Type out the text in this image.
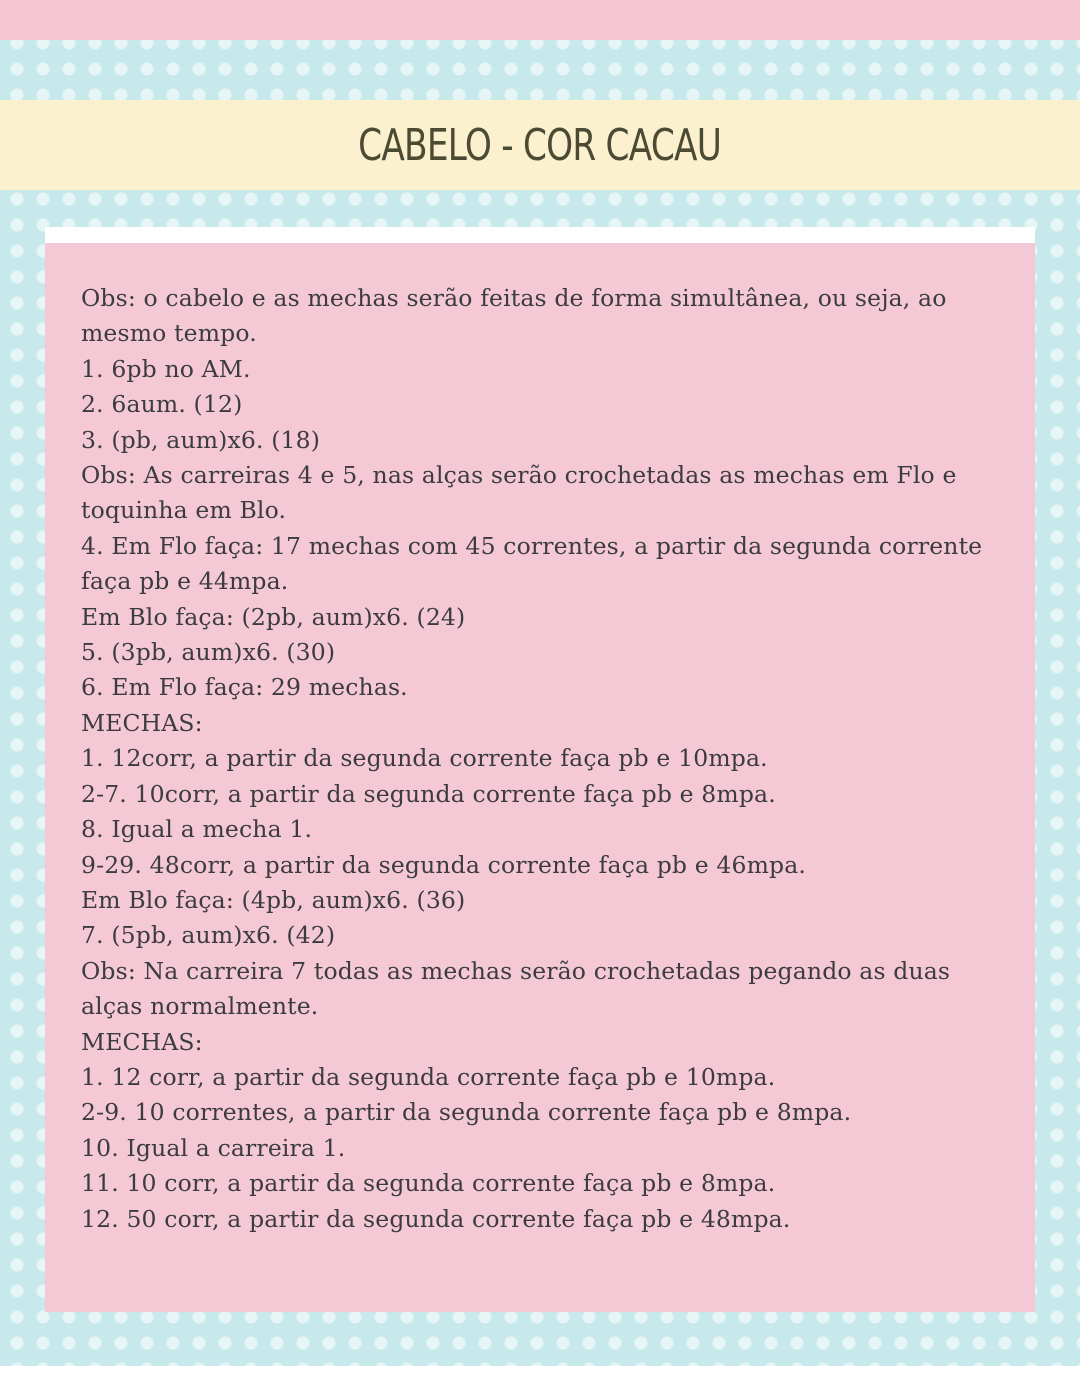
CABELO - COR CACAU
Obs: o cabelo e as mechas serão feitas de forma simultânea, ou seja, ao
mesmo tempo.
1. 6pb no AM.
2. 6aum. (12)
3. (pb, aum)x6. (18)
Obs: As carreiras 4 e 5, nas alças serão crochetadas as mechas em Flo e
toquinha em Blo.
4. Em Flo faça: 17 mechas com 45 correntes, a partir da segunda corrente
faça pb e 44mpa.
Em Blo faça: (2pb, aum)x6. (24)
5. (3pb, aum)x6. (30)
6. Em Flo faça: 29 mechas.
MECHAS:
1. 12corr, a partir da segunda corrente faça pb e 10mpa.
2-7. 10corr, a partir da segunda corrente faça pb e 8mpa.
8. Igual a mecha 1.
9-29. 48corr, a partir da segunda corrente faça pb e 46mpa.
Em Blo faça: (4pb, aum)x6. (36)
7. (5pb, aum)x6. (42)
Obs: Na carreira 7 todas as mechas serão crochetadas pegando as duas
alças normalmente.
MECHAS:
1. 12 corr, a partir da segunda corrente faça pb e 10mpa.
2-9. 10 correntes, a partir da segunda corrente faça pb e 8mpa.
10. Igual a carreira 1.
11. 10 corr, a partir da segunda corrente faça pb e 8mpa.
12. 50 corr, a partir da segunda corrente faça pb e 48mpa.
